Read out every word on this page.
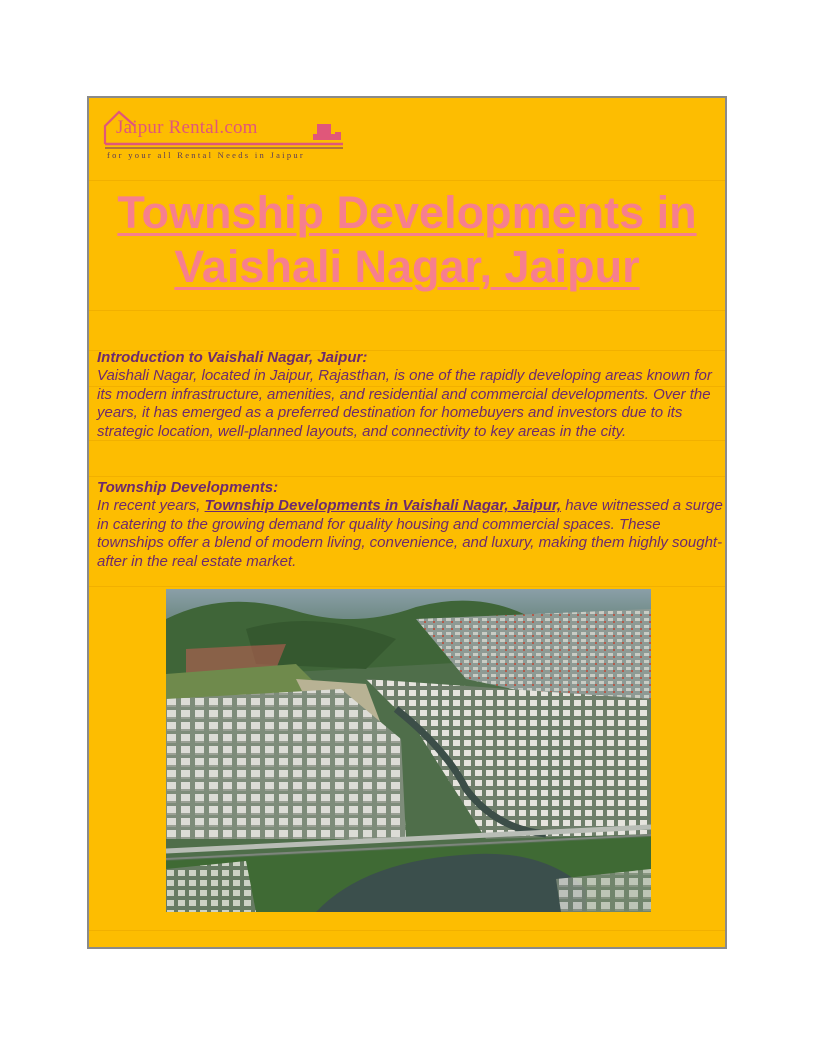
Jaipur Rental.com
for your all Rental Needs in Jaipur
Township Developments in Vaishali Nagar, Jaipur

Introduction to Vaishali Nagar, Jaipur:
Vaishali Nagar, located in Jaipur, Rajasthan, is one of the rapidly developing areas known for its modern infrastructure, amenities, and residential and commercial developments. Over the years, it has emerged as a preferred destination for homebuyers and investors due to its strategic location, well-planned layouts, and connectivity to key areas in the city.

Township Developments:
In recent years, Township Developments in Vaishali Nagar, Jaipur, have witnessed a surge in catering to the growing demand for quality housing and commercial spaces. These townships offer a blend of modern living, convenience, and luxury, making them highly sought-after in the real estate market.
